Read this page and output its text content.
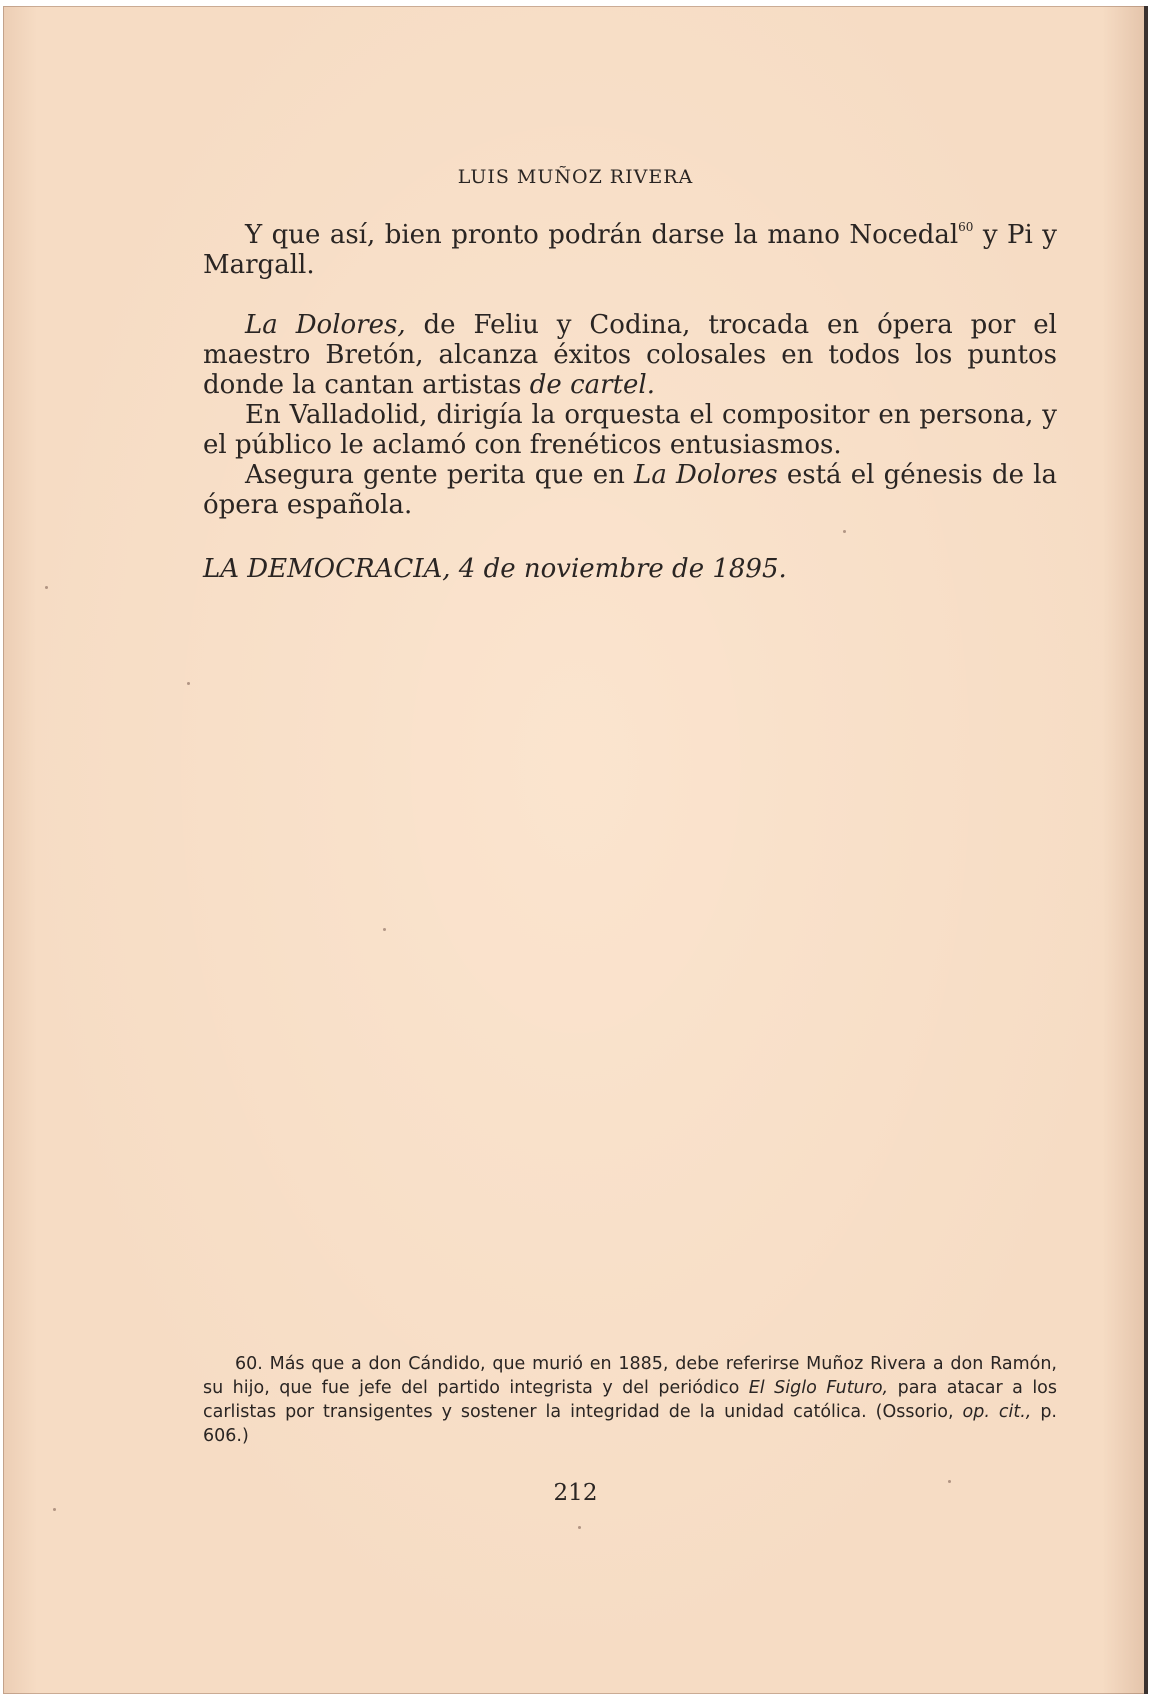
LUIS MUÑOZ RIVERA

Y que así, bien pronto podrán darse la mano Nocedal$^{60}$ y Pi y Margall.

La Dolores, de Feliu y Codina, trocada en ópera por el maestro Bretón, alcanza éxitos colosales en todos los puntos donde la cantan artistas de cartel.

En Valladolid, dirigía la orquesta el compositor en persona, y el público le aclamó con frenéticos entusiasmos.

Asegura gente perita que en La Dolores está el génesis de la ópera española.

LA DEMOCRACIA, 4 de noviembre de 1895.
60. Más que a don Cándido, que murió en 1885, debe referirse Muñoz Rivera a don Ramón, su hijo, que fue jefe del partido integrista y del periódico El Siglo Futuro, para atacar a los carlistas por transigentes y sostener la integridad de la unidad católica. (Ossorio, op. cit., p. 606.)
212
